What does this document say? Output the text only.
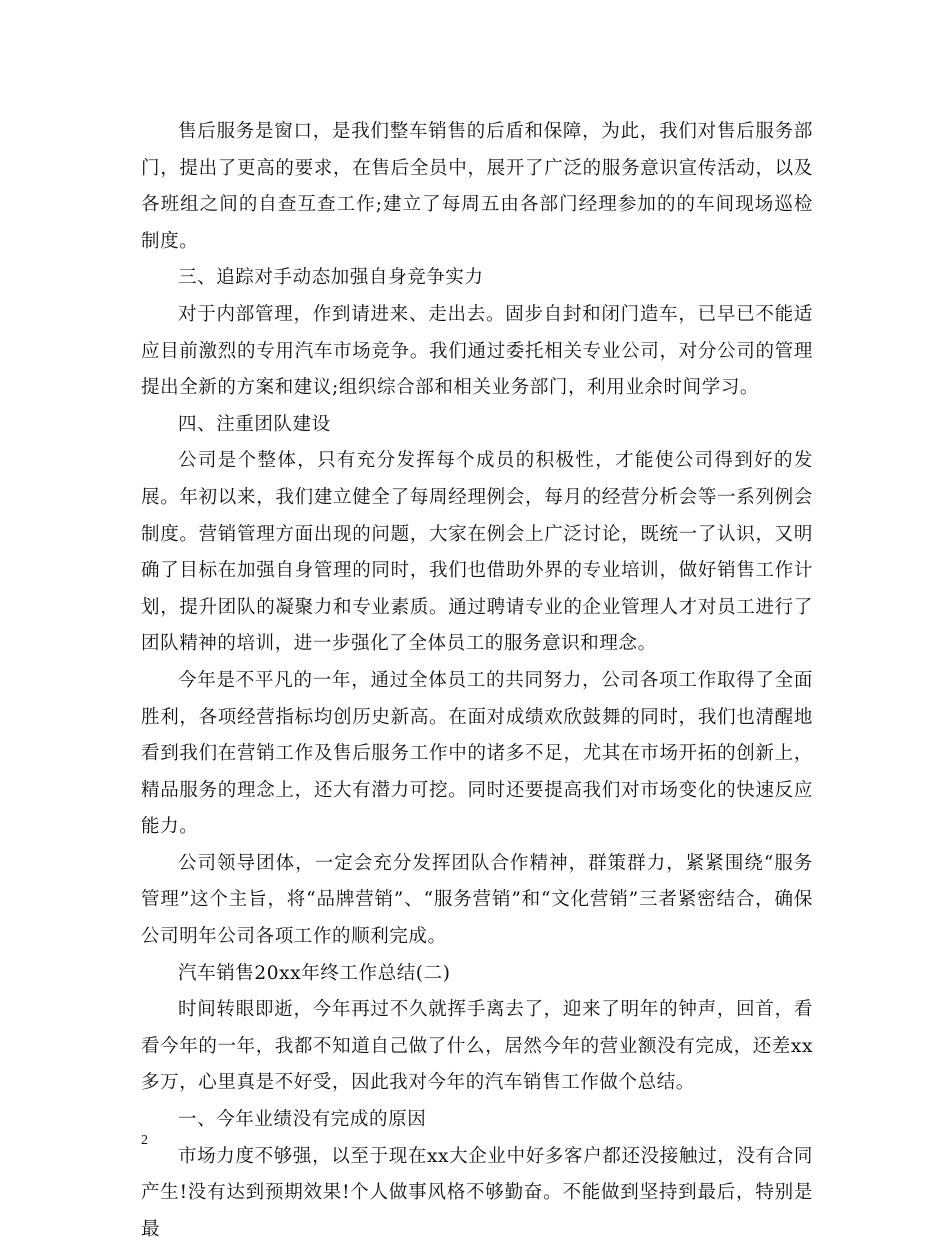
售后服务是窗口，是我们整车销售的后盾和保障，为此，我们对售后服务部门，提出了更高的要求，在售后全员中，展开了广泛的服务意识宣传活动，以及各班组之间的自查互查工作;建立了每周五由各部门经理参加的的车间现场巡检制度。

三、追踪对手动态加强自身竞争实力

对于内部管理，作到请进来、走出去。固步自封和闭门造车，已早已不能适应目前激烈的专用汽车市场竞争。我们通过委托相关专业公司，对分公司的管理提出全新的方案和建议;组织综合部和相关业务部门，利用业余时间学习。

四、注重团队建设

公司是个整体，只有充分发挥每个成员的积极性，才能使公司得到好的发展。年初以来，我们建立健全了每周经理例会，每月的经营分析会等一系列例会制度。营销管理方面出现的问题，大家在例会上广泛讨论，既统一了认识，又明确了目标在加强自身管理的同时，我们也借助外界的专业培训，做好销售工作计划，提升团队的凝聚力和专业素质。通过聘请专业的企业管理人才对员工进行了团队精神的培训，进一步强化了全体员工的服务意识和理念。

今年是不平凡的一年，通过全体员工的共同努力，公司各项工作取得了全面胜利，各项经营指标均创历史新高。在面对成绩欢欣鼓舞的同时，我们也清醒地看到我们在营销工作及售后服务工作中的诸多不足，尤其在市场开拓的创新上，精品服务的理念上，还大有潜力可挖。同时还要提高我们对市场变化的快速反应能力。

公司领导团体，一定会充分发挥团队合作精神，群策群力，紧紧围绕“服务管理”这个主旨，将“品牌营销”、“服务营销”和“文化营销”三者紧密结合，确保公司明年公司各项工作的顺利完成。

汽车销售20xx年终工作总结(二)

时间转眼即逝，今年再过不久就挥手离去了，迎来了明年的钟声，回首，看看今年的一年，我都不知道自己做了什么，居然今年的营业额没有完成，还差xx多万，心里真是不好受，因此我对今年的汽车销售工作做个总结。

一、今年业绩没有完成的原因

市场力度不够强，以至于现在xx大企业中好多客户都还没接触过，没有合同产生!没有达到预期效果!个人做事风格不够勤奋。不能做到坚持到最后，特别是最

2
